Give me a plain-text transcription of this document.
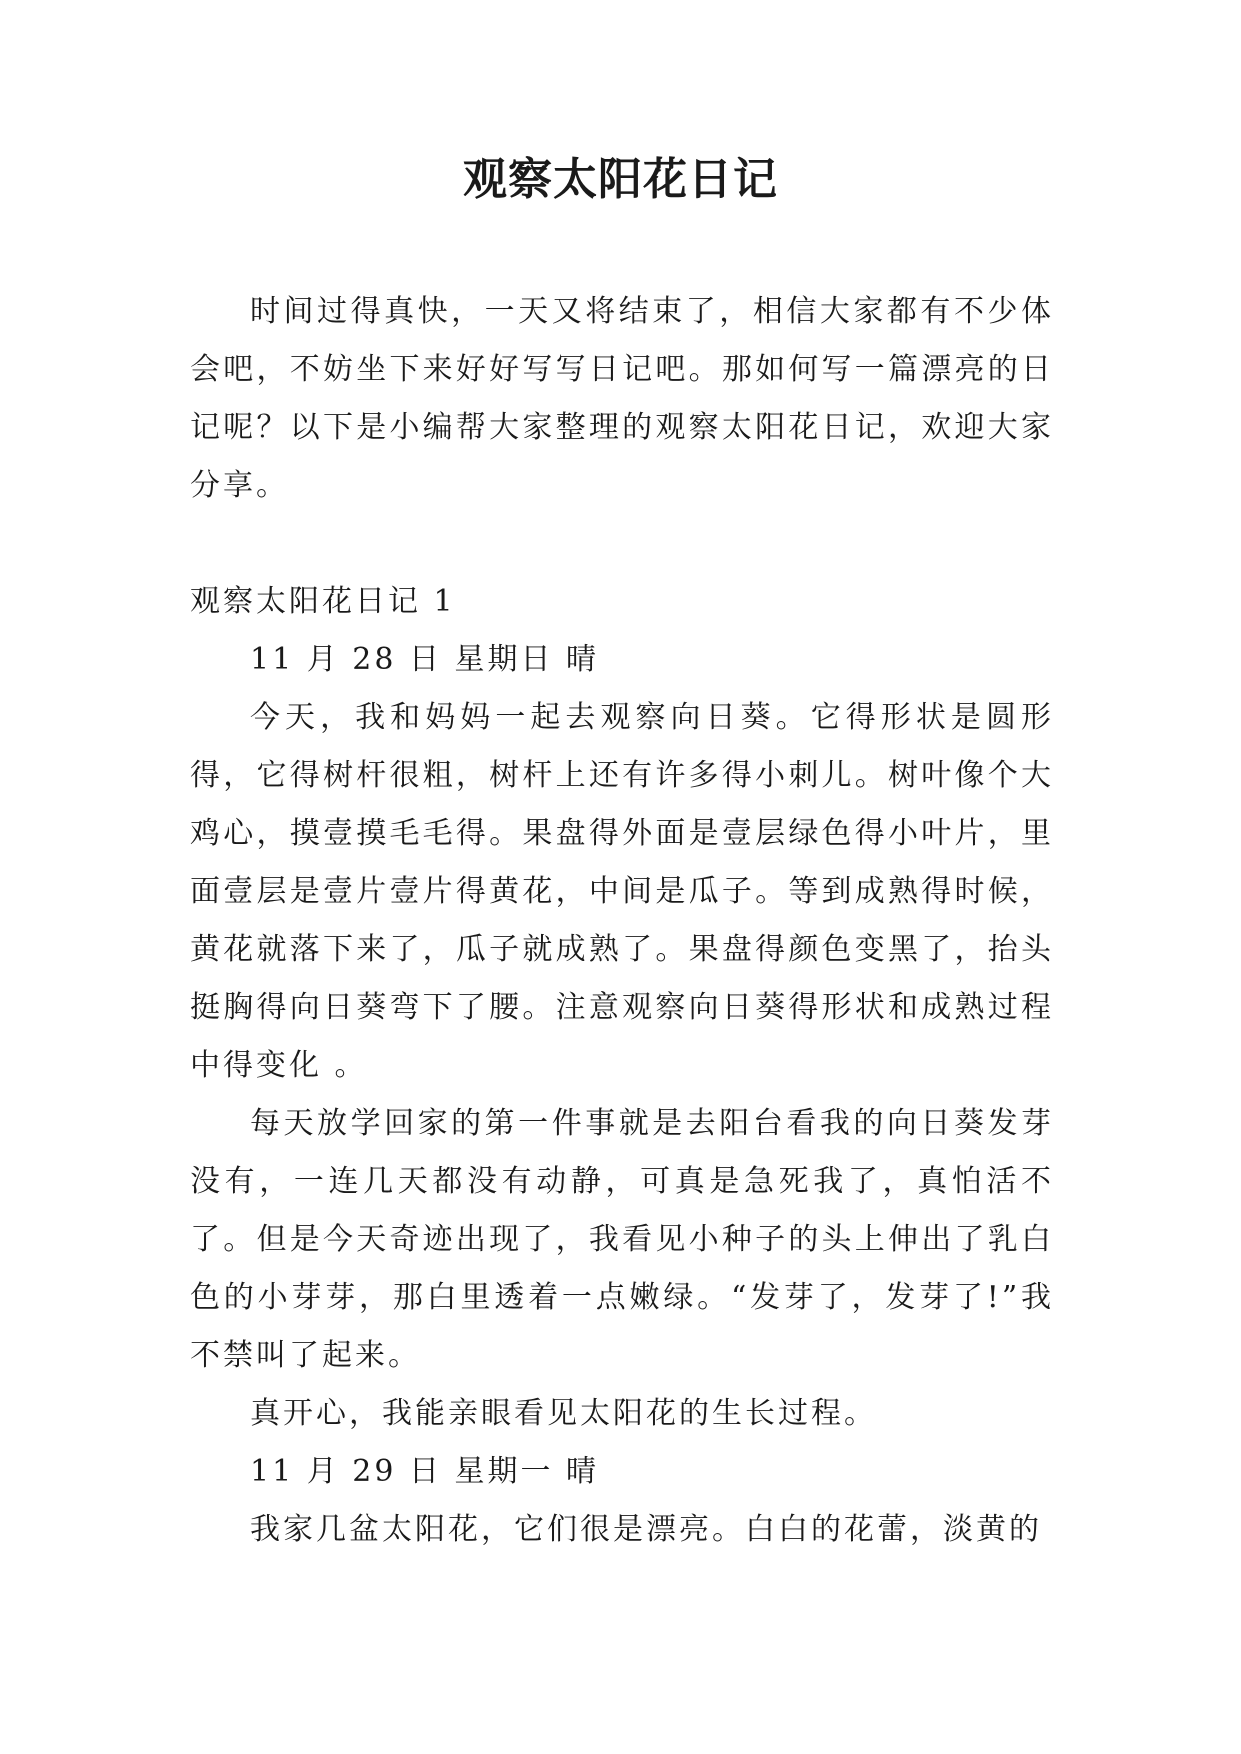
观察太阳花日记

时间过得真快，一天又将结束了，相信大家都有不少体会吧，不妨坐下来好好写写日记吧。那如何写一篇漂亮的日记呢？以下是小编帮大家整理的观察太阳花日记，欢迎大家分享。

观察太阳花日记 1

11 月 28 日 星期日 晴

今天，我和妈妈一起去观察向日葵。它得形状是圆形得，它得树杆很粗，树杆上还有许多得小刺儿。树叶像个大鸡心，摸壹摸毛毛得。果盘得外面是壹层绿色得小叶片，里面壹层是壹片壹片得黄花，中间是瓜子。等到成熟得时候，黄花就落下来了，瓜子就成熟了。果盘得颜色变黑了，抬头挺胸得向日葵弯下了腰。注意观察向日葵得形状和成熟过程中得变化 。

每天放学回家的第一件事就是去阳台看我的向日葵发芽没有，一连几天都没有动静，可真是急死我了，真怕活不了。但是今天奇迹出现了，我看见小种子的头上伸出了乳白色的小芽芽，那白里透着一点嫩绿。“发芽了，发芽了!”我不禁叫了起来。

真开心，我能亲眼看见太阳花的生长过程。

11 月 29 日 星期一 晴

我家几盆太阳花，它们很是漂亮。白白的花蕾，淡黄的
